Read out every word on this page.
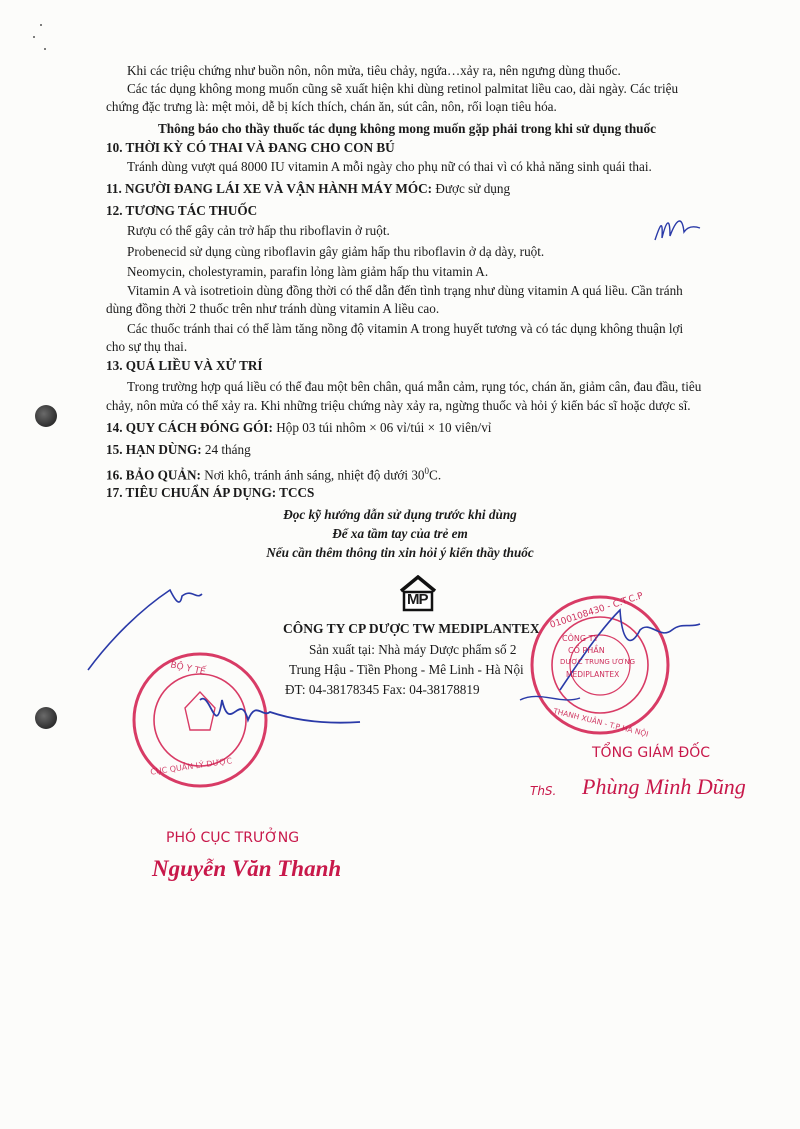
Khi các triệu chứng như buồn nôn, nôn mửa, tiêu chảy, ngứa…xảy ra, nên ngưng dùng thuốc.
Các tác dụng không mong muốn cũng sẽ xuất hiện khi dùng retinol palmitat liều cao, dài ngày. Các triệu
chứng đặc trưng là: mệt mỏi, dễ bị kích thích, chán ăn, sút cân, nôn, rối loạn tiêu hóa.
Thông báo cho thầy thuốc tác dụng không mong muốn gặp phải trong khi sử dụng thuốc
10. THỜI KỲ CÓ THAI VÀ ĐANG CHO CON BÚ
Tránh dùng vượt quá 8000 IU vitamin A mỗi ngày cho phụ nữ có thai vì có khả năng sinh quái thai.
11. NGƯỜI ĐANG LÁI XE VÀ VẬN HÀNH MÁY MÓC: Được sử dụng
12. TƯƠNG TÁC THUỐC
Rượu có thể gây cản trở hấp thu riboflavin ở ruột.
Probenecid sử dụng cùng riboflavin gây giảm hấp thu riboflavin ở dạ dày, ruột.
Neomycin, cholestyramin, parafin lỏng làm giảm hấp thu vitamin A.
Vitamin A và isotretioin dùng đồng thời có thể dẫn đến tình trạng như dùng vitamin A quá liều. Cần tránh
dùng đồng thời 2 thuốc trên như tránh dùng vitamin A liều cao.
Các thuốc tránh thai có thể làm tăng nồng độ vitamin A trong huyết tương và có tác dụng không thuận lợi
cho sự thụ thai.
13. QUÁ LIỀU VÀ XỬ TRÍ
Trong trường hợp quá liều có thể đau một bên chân, quá mẫn cảm, rụng tóc, chán ăn, giảm cân, đau đầu, tiêu
chảy, nôn mửa có thể xảy ra. Khi những triệu chứng này xảy ra, ngừng thuốc và hỏi ý kiến bác sĩ hoặc dược sĩ.
14. QUY CÁCH ĐÓNG GÓI: Hộp 03 túi nhôm × 06 vỉ/túi × 10 viên/vỉ
15. HẠN DÙNG: 24 tháng
16. BẢO QUẢN: Nơi khô, tránh ánh sáng, nhiệt độ dưới $30^0C$.
17. TIÊU CHUẨN ÁP DỤNG: TCCS
Đọc kỹ hướng dẫn sử dụng trước khi dùng
Để xa tầm tay của trẻ em
Nếu cần thêm thông tin xin hỏi ý kiến thầy thuốc
MP
CÔNG TY CP DƯỢC TW MEDIPLANTEX
Sản xuất tại: Nhà máy Dược phẩm số 2
Trung Hậu - Tiền Phong - Mê Linh - Hà Nội
ĐT: 04-38178345 Fax: 04-38178819
0100108430 - C.T.C.P
CÔNG TY
CỔ PHẦN
DƯỢC TRUNG ƯƠNG
MEDIPLANTEX
THANH XUÂN - T.P HÀ NỘI
BỘ Y TẾ
CỤC QUẢN LÝ DƯỢC
TỔNG GIÁM ĐỐC
ThS. Phùng Minh Dũng
PHÓ CỤC TRƯỞNG
Nguyễn Văn Thanh
